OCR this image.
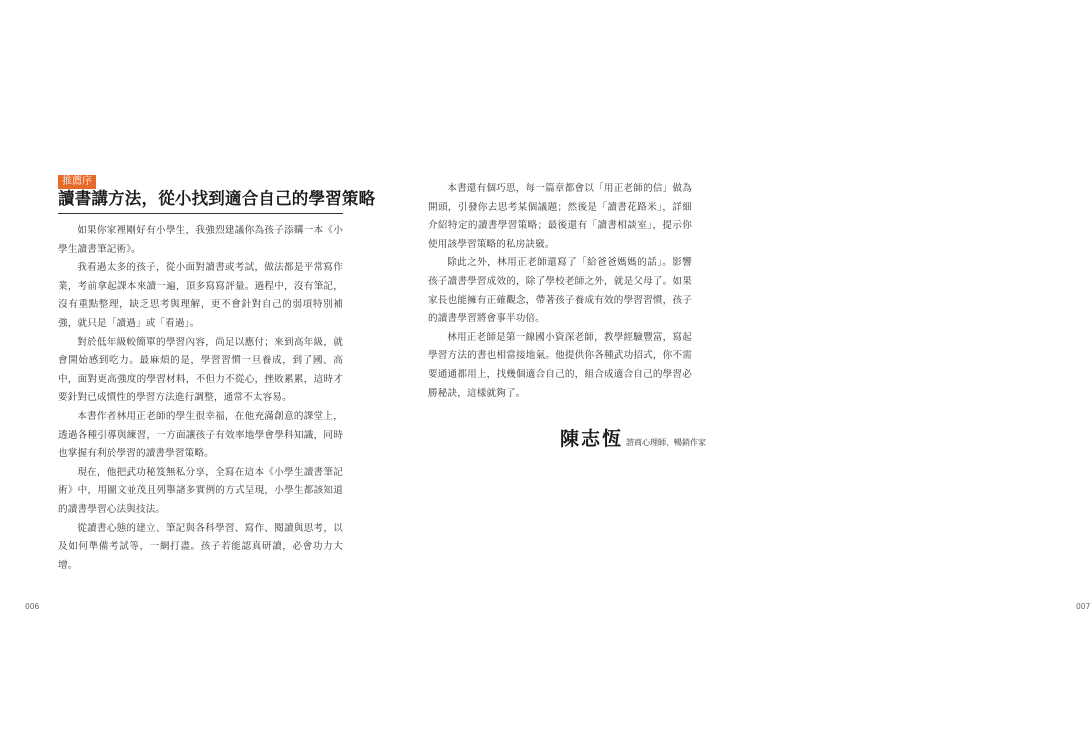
推薦序
讀書講方法，從小找到適合自己的學習策略

如果你家裡剛好有小學生，我強烈建議你為孩子添購一本《小學生讀書筆記術》。

我看過太多的孩子，從小面對讀書或考試，做法都是平常寫作業，考前拿起課本來讀一遍，頂多寫寫評量。過程中，沒有筆記，沒有重點整理，缺乏思考與理解，更不會針對自己的弱項特別補強，就只是「讀過」或「看過」。

對於低年級較簡單的學習內容，尚足以應付；來到高年級，就會開始感到吃力。最麻煩的是，學習習慣一旦養成，到了國、高中，面對更高強度的學習材料，不但力不從心，挫敗累累，這時才要針對已成慣性的學習方法進行調整，通常不太容易。

本書作者林用正老師的學生很幸福，在他充滿創意的課堂上，透過各種引導與練習，一方面讓孩子有效率地學會學科知識，同時也掌握有利於學習的讀書學習策略。

現在，他把武功秘笈無私分享，全寫在這本《小學生讀書筆記術》中，用圖文並茂且列舉諸多實例的方式呈現，小學生都該知道的讀書學習心法與技法。

從讀書心態的建立、筆記與各科學習、寫作、閱讀與思考，以及如何準備考試等，一網打盡。孩子若能認真研讀，必會功力大增。

006	007

本書還有個巧思，每一篇章都會以「用正老師的信」做為開頭，引發你去思考某個議題；然後是「讀書花路米」，詳細介紹特定的讀書學習策略；最後還有「讀書相談室」，提示你使用該學習策略的私房訣竅。

除此之外，林用正老師還寫了「給爸爸媽媽的話」。影響孩子讀書學習成效的，除了學校老師之外，就是父母了。如果家長也能擁有正確觀念，帶著孩子養成有效的學習習慣，孩子的讀書學習將會事半功倍。

林用正老師是第一線國小資深老師，教學經驗豐富，寫起學習方法的書也相當接地氣。他提供你各種武功招式，你不需要通通都用上，找幾個適合自己的，組合成適合自己的學習必勝秘訣，這樣就夠了。

陳志恆 諮商心理師、暢銷作家
